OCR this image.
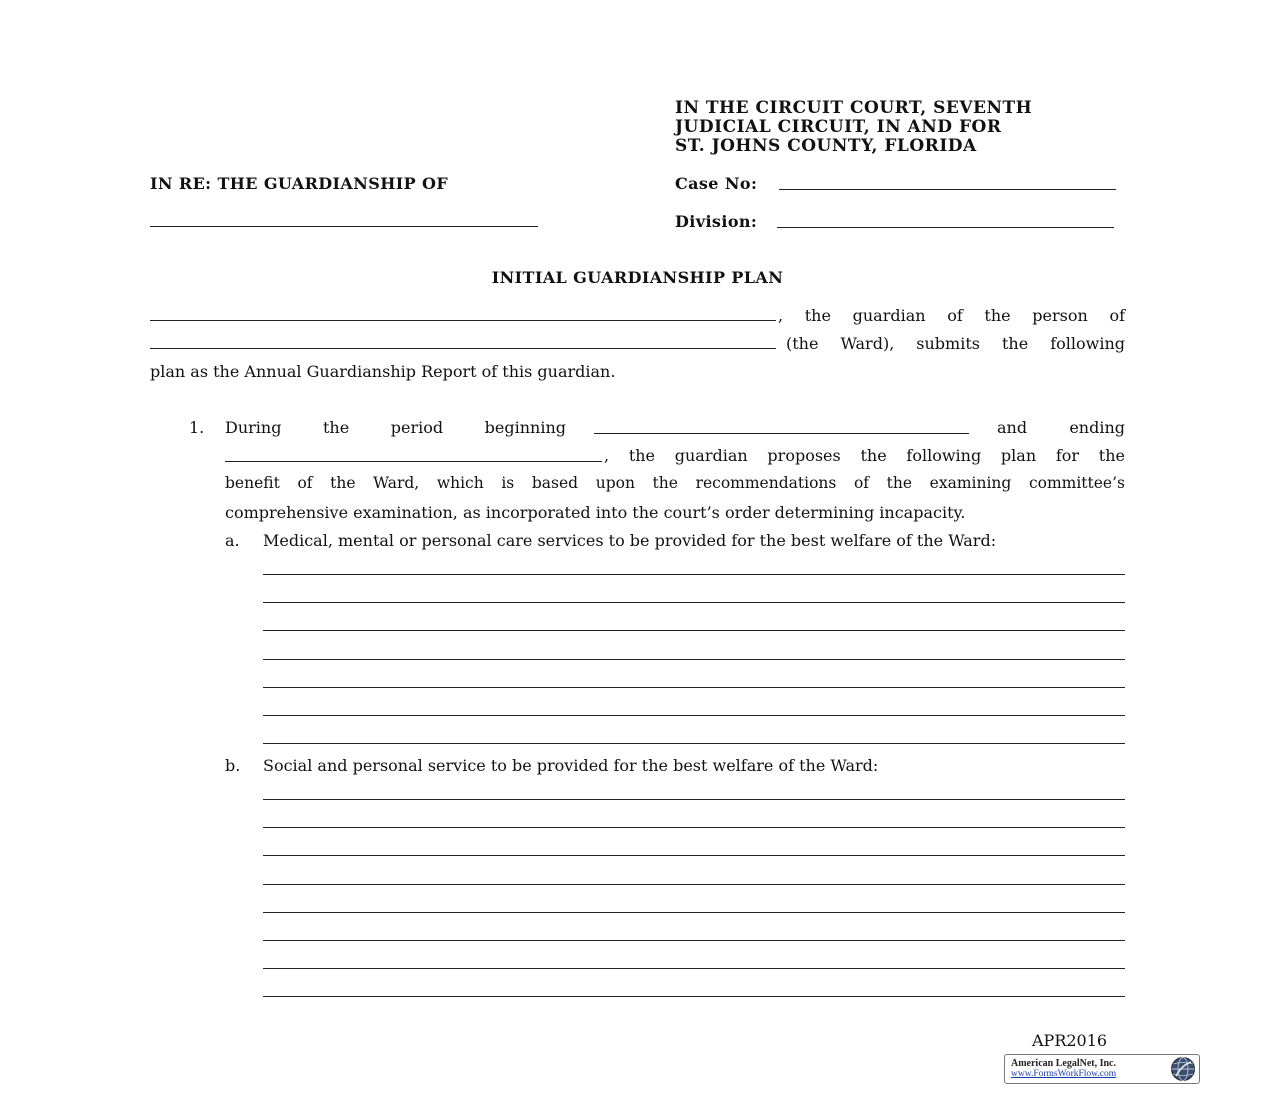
IN THE CIRCUIT COURT, SEVENTH
JUDICIAL CIRCUIT, IN AND FOR
ST. JOHNS COUNTY, FLORIDA
IN RE: THE GUARDIANSHIP OF	Case No:
Division:
INITIAL GUARDIANSHIP PLAN
, the guardian of the person of
(the Ward), submits the following
plan as the Annual Guardianship Report of this guardian.
1. During	the	period	beginning	and	ending
, the guardian proposes the following plan for the
benefit of the Ward, which is based upon the recommendations of the examining committee’s
comprehensive examination, as incorporated into the court’s order determining incapacity.
a. Medical, mental or personal care services to be provided for the best welfare of the Ward:
b. Social and personal service to be provided for the best welfare of the Ward:
APR2016
American LegalNet, Inc.
www.FormsWorkFlow.com
